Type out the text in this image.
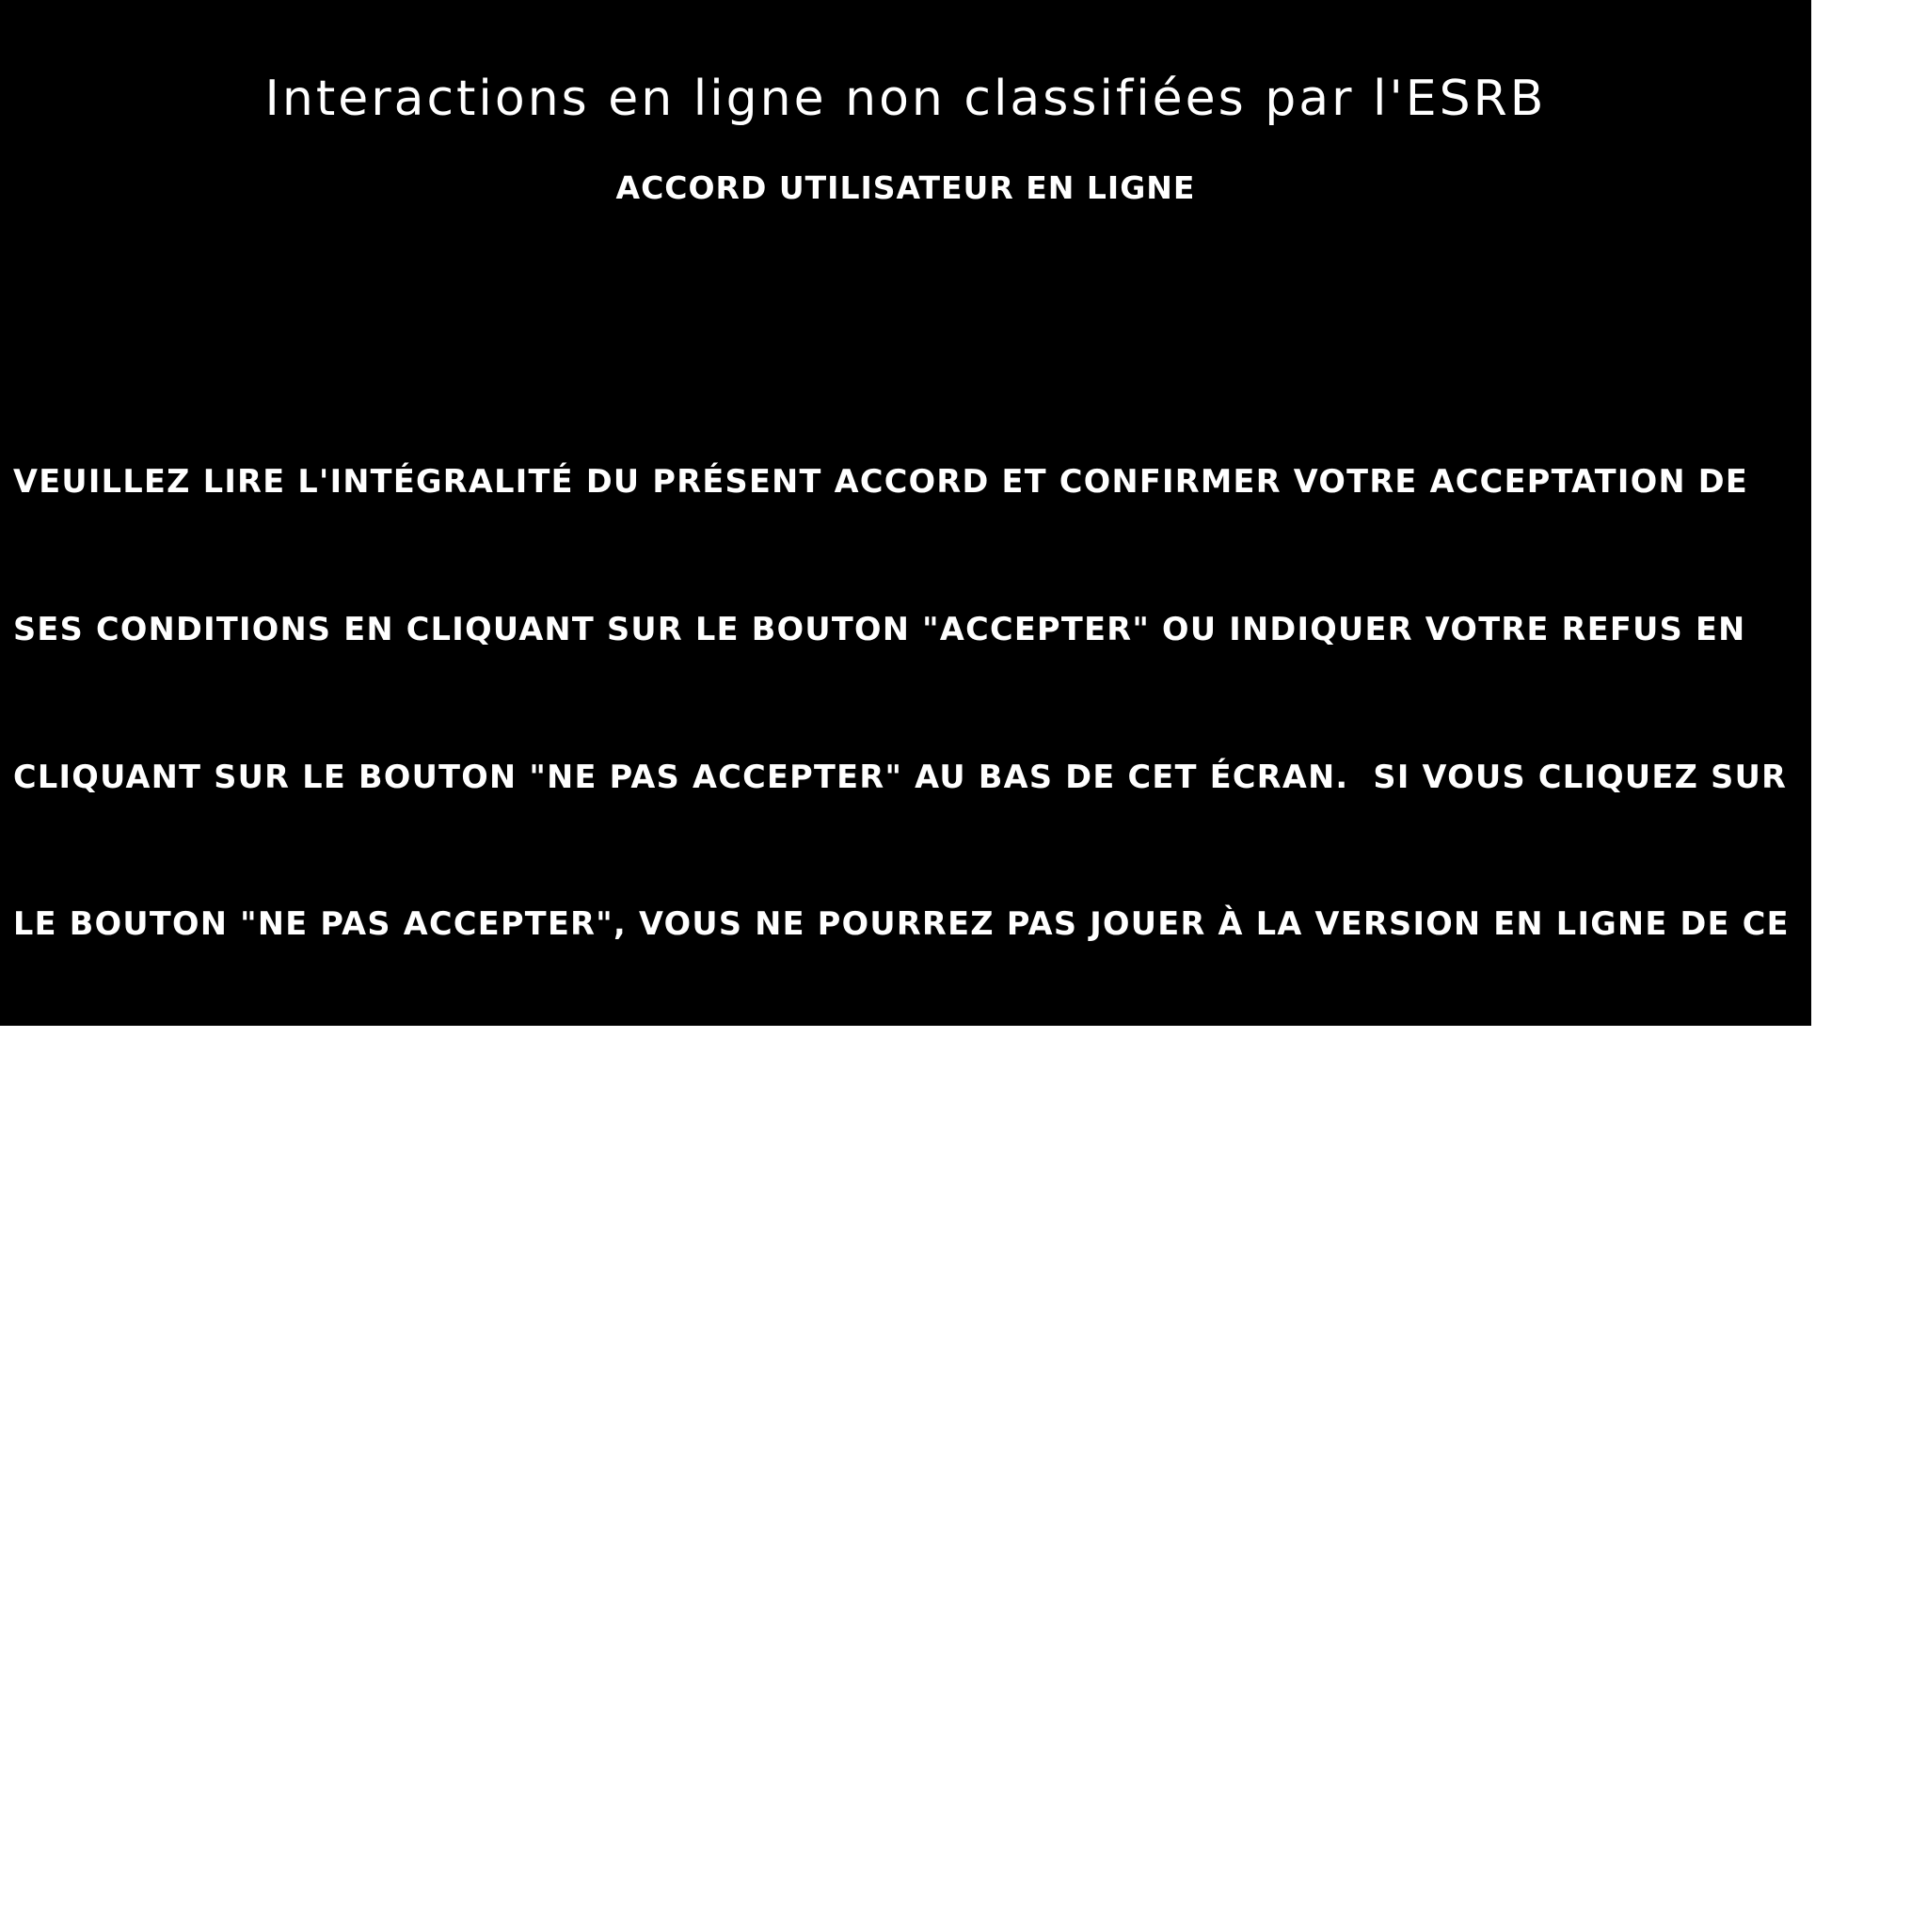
Interactions en ligne non classifiées par l'ESRB
ACCORD UTILISATEUR EN LIGNE

VEUILLEZ LIRE L'INTÉGRALITÉ DU PRÉSENT ACCORD ET CONFIRMER VOTRE ACCEPTATION DE

SES CONDITIONS EN CLIQUANT SUR LE BOUTON "ACCEPTER" OU INDIQUER VOTRE REFUS EN

CLIQUANT SUR LE BOUTON "NE PAS ACCEPTER" AU BAS DE CET ÉCRAN.  SI VOUS CLIQUEZ SUR

LE BOUTON "NE PAS ACCEPTER", VOUS NE POURREZ PAS JOUER À LA VERSION EN LIGNE DE CE

JEU. AUCUN REMBOURSEMENT DE LA VERSION EN LIGNE DE CE JEU N'EST PRÉVU, VEUILLEZ

DONC LIRE SOIGNEUSEMENT CET ACCORD AVANT VOTRE ACHAT. POUR LA VERSION SOUS

EMBALLAGE DE CE JEU, OBTENEZ DE LA PART DU SERVICE AUX CONSOMMATEURS DE SONY

COMPUTER ENTERTAINMENT AMERICA LLC ("SCEA") DES INFORMATIONS CONCERNANT LES

RETOURS DE MARCHANDISE OU LES REMBOURSEMENTS EN APPELANT LE +1-800-345-7669.

VEUILLEZ VOUS MUNIR DE VOTRE RÉCÉPISSÉ D'ACHAT AVANT L'APPEL.
